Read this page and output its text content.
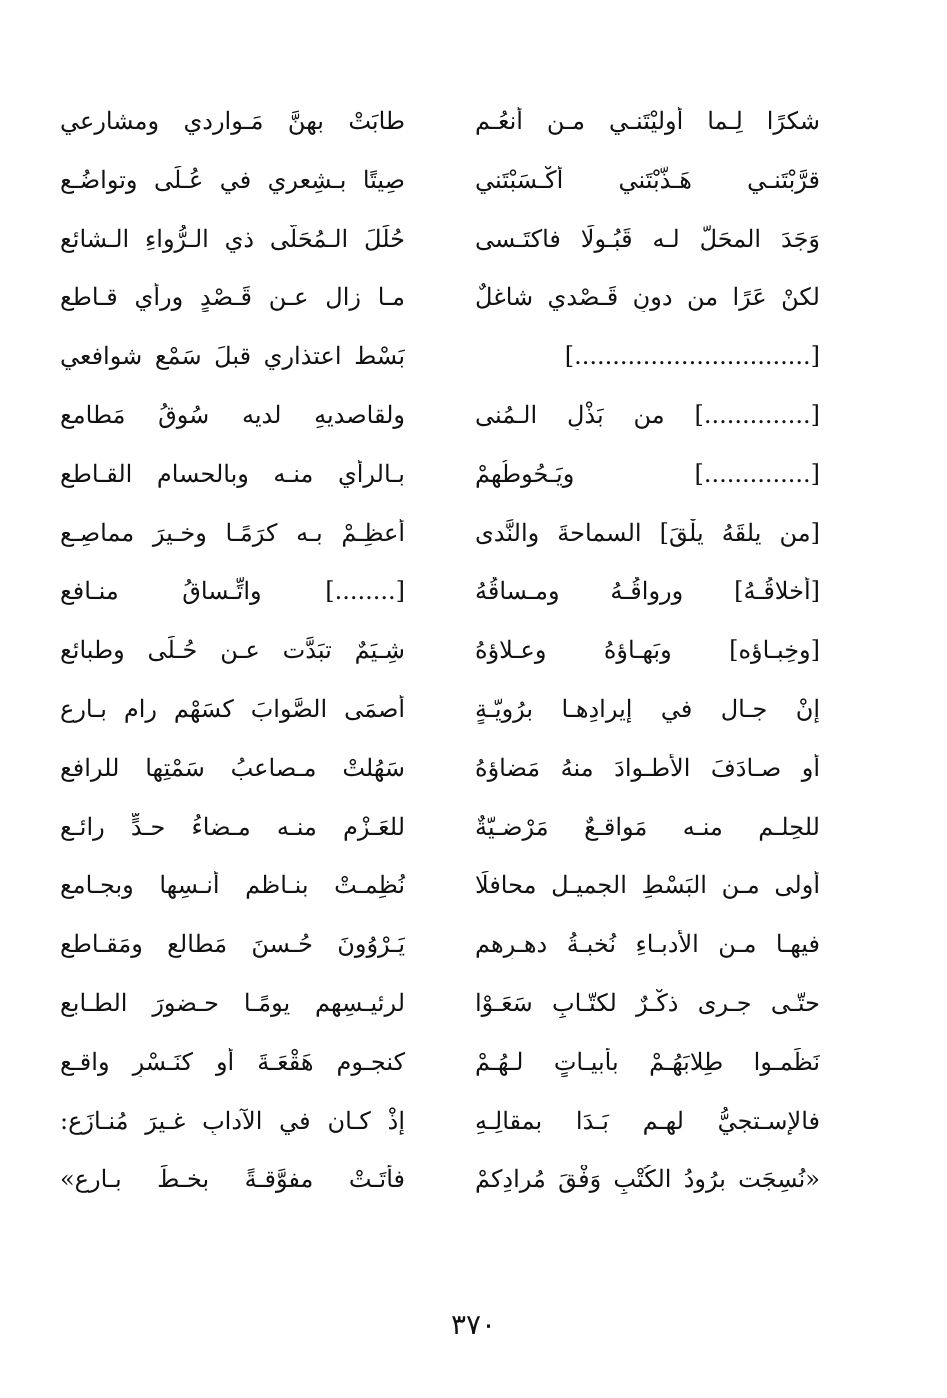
شكرًا لِـما أوليْتَنـي مـن أنعُـمٍ
طابَتْ بهِنَّ مَـواردي ومشارعي
قرَّبْتَنـي هَـذَّبْتَني أكْـسَبْتَني
صِيتًا بـشِعري في عُـلًى وتواضُـعِ
وَجَدَ المحَلُّ لـه قَبُـولًا فاكتَـسى
حُلَلَ الـمُحَلَّى ذي الـرُّواءِ الـشائعِ
لكنْ عَرًا من دونِ قَـصْدي شاغلٌ
مـا زال عـن قَـصْدٍ ورأيٍ قـاطعِ
[...............................]
بَسْط اعتذاري قبلَ سَمْع شوافعي
[..............] من بَذْلِ الـمُنى
ولقاصديهِ لديه سُوقُ مَطامعِ
[..............] ويَـحُوطُهمْ
بـالرأي منـه وبالحسامِ القـاطعِ
[من يلقَهُ يلْقَ] السماحةَ والنَّدى
أعظِـمْ بـه كرَمًـا وخـيرَ مماصِـعِ
[أخلاقُـهُ] ورواقُـهُ ومـساقُهُ
[........] واتِّـساقُ منـافعِ
[وخِبـاؤه] وبَهـاؤهُ وعـلاؤهُ
شِـيَمٌ تبَدَّت عـن حُـلًى وطبائعِ
إنْ جـال في إيرادِهـا برُويّـةٍ
أصمَى الصَّوابَ كسَهْمِ رامٍ بـارعِ
أو صـادَفَ الأطـوادَ منهُ مَضاؤهُ
سَهُلتْ مـصاعبُ سَمْتِها للرافعِ
للحِلـم منـه مَواقـعٌ مَرْضـيّةٌ
للعَـزْم منـه مـضاءُ حـدٍّ رائـعِ
أولى مـن البَسْطِ الجميـل محافلًا
نُظِمـتْ بنـاظم أُنـسِها وبجـامعِ
فيهـا مـن الأدبـاءِ نُخبـةُ دهـرِهم
يَـرْوُونَ حُـسنَ مَطالعٍ ومَقـاطعِ
حتّـى جـرى ذكْـرٌ لكتّـابٍ سَعَـوْا
لرئيـسِهم يومًـا حـضورَ الطـابعِ
نَظَمـوا طِلابَهُـمْ بأبيـاتٍ لـهُـمْ
كنجـومٍ هَقْعَـةَ أو كنَـسْرٍ واقـعِ
فالإسـتجيُّ لهـم بَـدَا بمقالِـهِ
إذْ كـان في الآدابِ غـيرَ مُنـازَعِ:
«نُسِجَت برُودُ الكُتْبِ وَفْقَ مُرادِكمْ
فأتَـتْ مفوَّقـةً بخـطٍّ بـارعِ»
٣٧٠
